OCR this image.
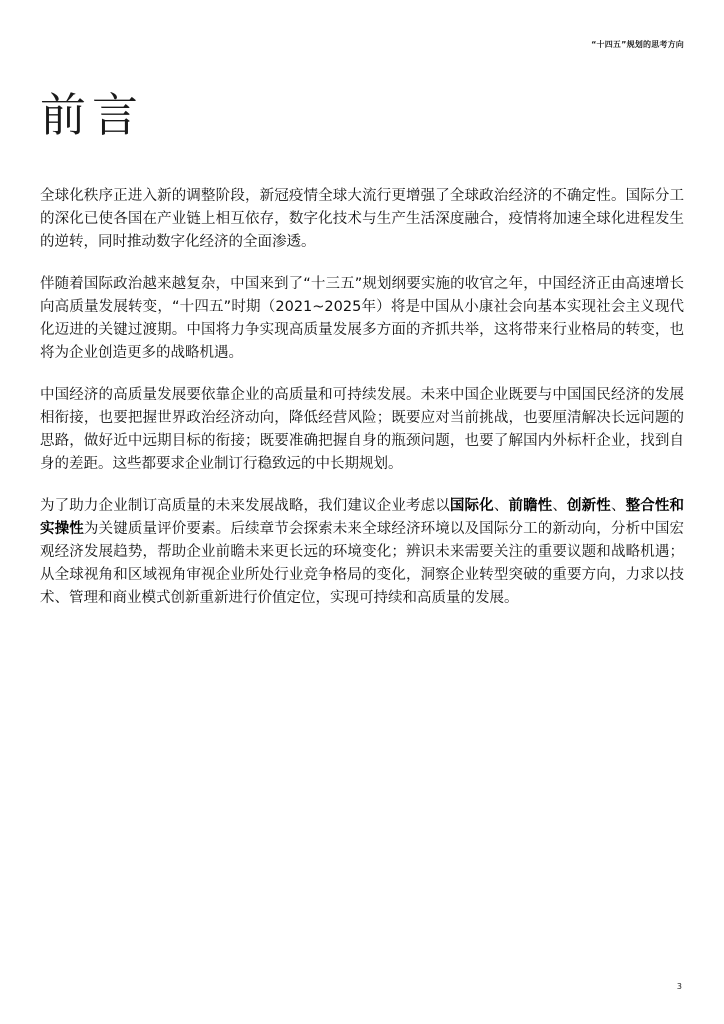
“十四五”规划的思考方向
前言

全球化秩序正进入新的调整阶段，新冠疫情全球大流行更增强了全球政治经济的不确定性。国际分工的深化已使各国在产业链上相互依存，数字化技术与生产生活深度融合，疫情将加速全球化进程发生的逆转，同时推动数字化经济的全面渗透。

伴随着国际政治越来越复杂，中国来到了“十三五”规划纲要实施的收官之年，中国经济正由高速增长向高质量发展转变，“十四五”时期（2021~2025年）将是中国从小康社会向基本实现社会主义现代化迈进的关键过渡期。中国将力争实现高质量发展多方面的齐抓共举，这将带来行业格局的转变，也将为企业创造更多的战略机遇。

中国经济的高质量发展要依靠企业的高质量和可持续发展。未来中国企业既要与中国国民经济的发展相衔接，也要把握世界政治经济动向，降低经营风险；既要应对当前挑战，也要厘清解决长远问题的思路，做好近中远期目标的衔接；既要准确把握自身的瓶颈问题，也要了解国内外标杆企业，找到自身的差距。这些都要求企业制订行稳致远的中长期规划。

为了助力企业制订高质量的未来发展战略，我们建议企业考虑以国际化、前瞻性、创新性、整合性和实操性为关键质量评价要素。后续章节会探索未来全球经济环境以及国际分工的新动向，分析中国宏观经济发展趋势，帮助企业前瞻未来更长远的环境变化；辨识未来需要关注的重要议题和战略机遇；从全球视角和区域视角审视企业所处行业竞争格局的变化，洞察企业转型突破的重要方向，力求以技术、管理和商业模式创新重新进行价值定位，实现可持续和高质量的发展。

3
